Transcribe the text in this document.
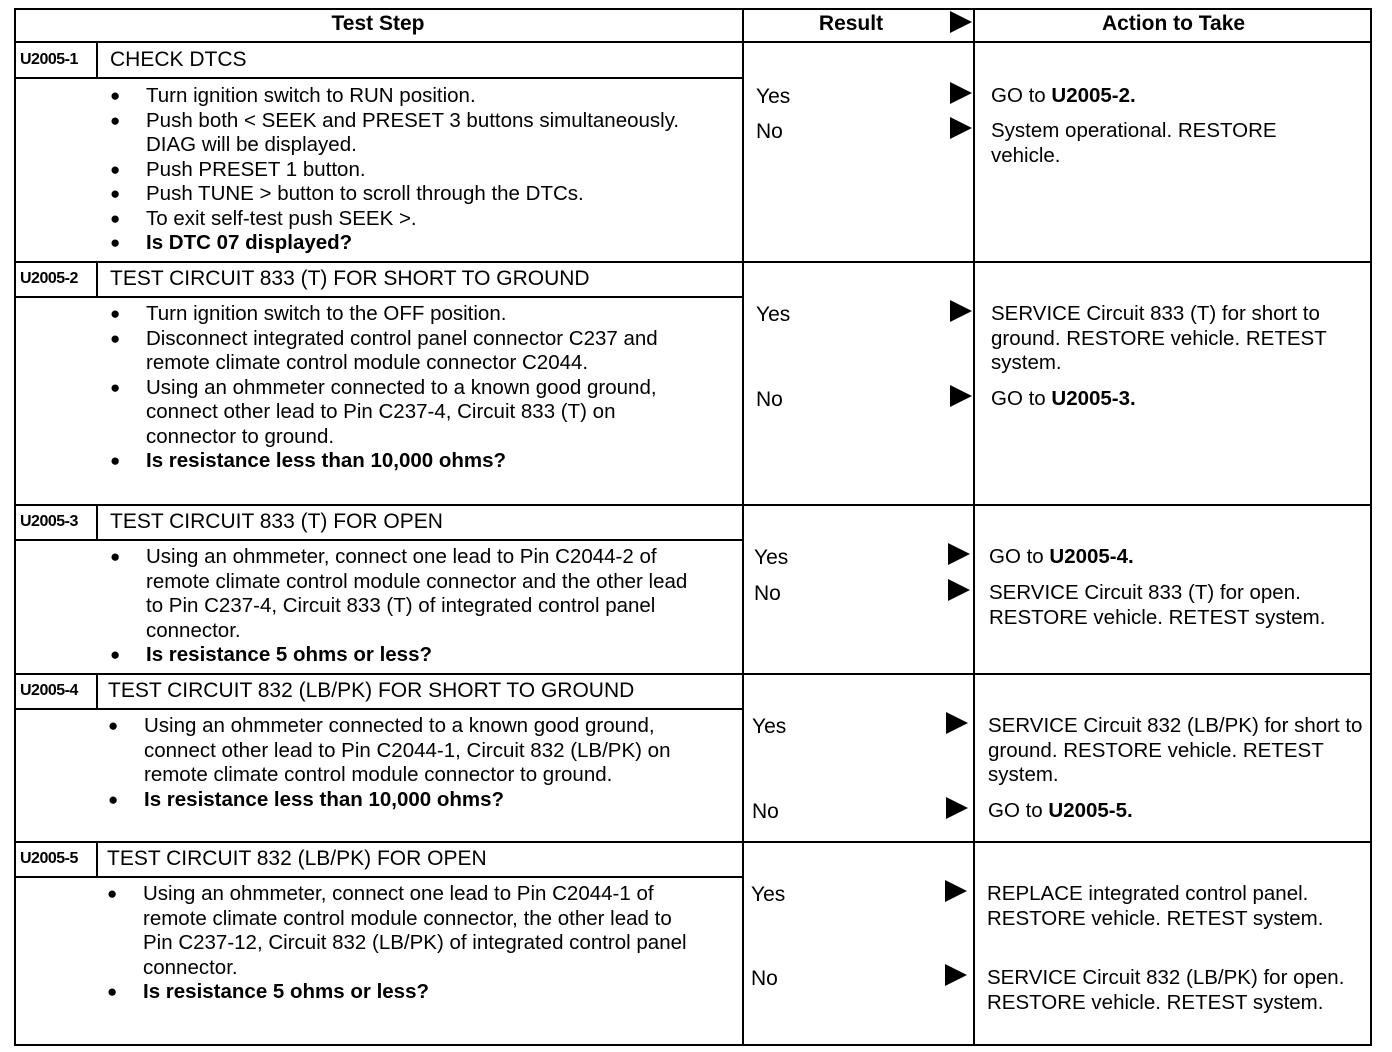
Test Step	Result	Action to Take
U2005-1 CHECK DTCS
● Turn ignition switch to RUN position.
● Push both < SEEK and PRESET 3 buttons simultaneously. DIAG will be displayed.
● Push PRESET 1 button.
● Push TUNE > button to scroll through the DTCs.
● To exit self-test push SEEK >.
● Is DTC 07 displayed?
Yes
No
GO to U2005-2.
System operational. RESTORE vehicle.
U2005-2 TEST CIRCUIT 833 (T) FOR SHORT TO GROUND
● Turn ignition switch to the OFF position.
● Disconnect integrated control panel connector C237 and remote climate control module connector C2044.
● Using an ohmmeter connected to a known good ground, connect other lead to Pin C237-4, Circuit 833 (T) on connector to ground.
● Is resistance less than 10,000 ohms?
Yes
No
SERVICE Circuit 833 (T) for short to ground. RESTORE vehicle. RETEST system.
GO to U2005-3.
U2005-3 TEST CIRCUIT 833 (T) FOR OPEN
● Using an ohmmeter, connect one lead to Pin C2044-2 of remote climate control module connector and the other lead to Pin C237-4, Circuit 833 (T) of integrated control panel connector.
● Is resistance 5 ohms or less?
Yes
No
GO to U2005-4.
SERVICE Circuit 833 (T) for open. RESTORE vehicle. RETEST system.
U2005-4 TEST CIRCUIT 832 (LB/PK) FOR SHORT TO GROUND
● Using an ohmmeter connected to a known good ground, connect other lead to Pin C2044-1, Circuit 832 (LB/PK) on remote climate control module connector to ground.
● Is resistance less than 10,000 ohms?
Yes
No
SERVICE Circuit 832 (LB/PK) for short to ground. RESTORE vehicle. RETEST system.
GO to U2005-5.
U2005-5 TEST CIRCUIT 832 (LB/PK) FOR OPEN
● Using an ohmmeter, connect one lead to Pin C2044-1 of remote climate control module connector, the other lead to Pin C237-12, Circuit 832 (LB/PK) of integrated control panel connector.
● Is resistance 5 ohms or less?
Yes
No
REPLACE integrated control panel. RESTORE vehicle. RETEST system.
SERVICE Circuit 832 (LB/PK) for open. RESTORE vehicle. RETEST system.
